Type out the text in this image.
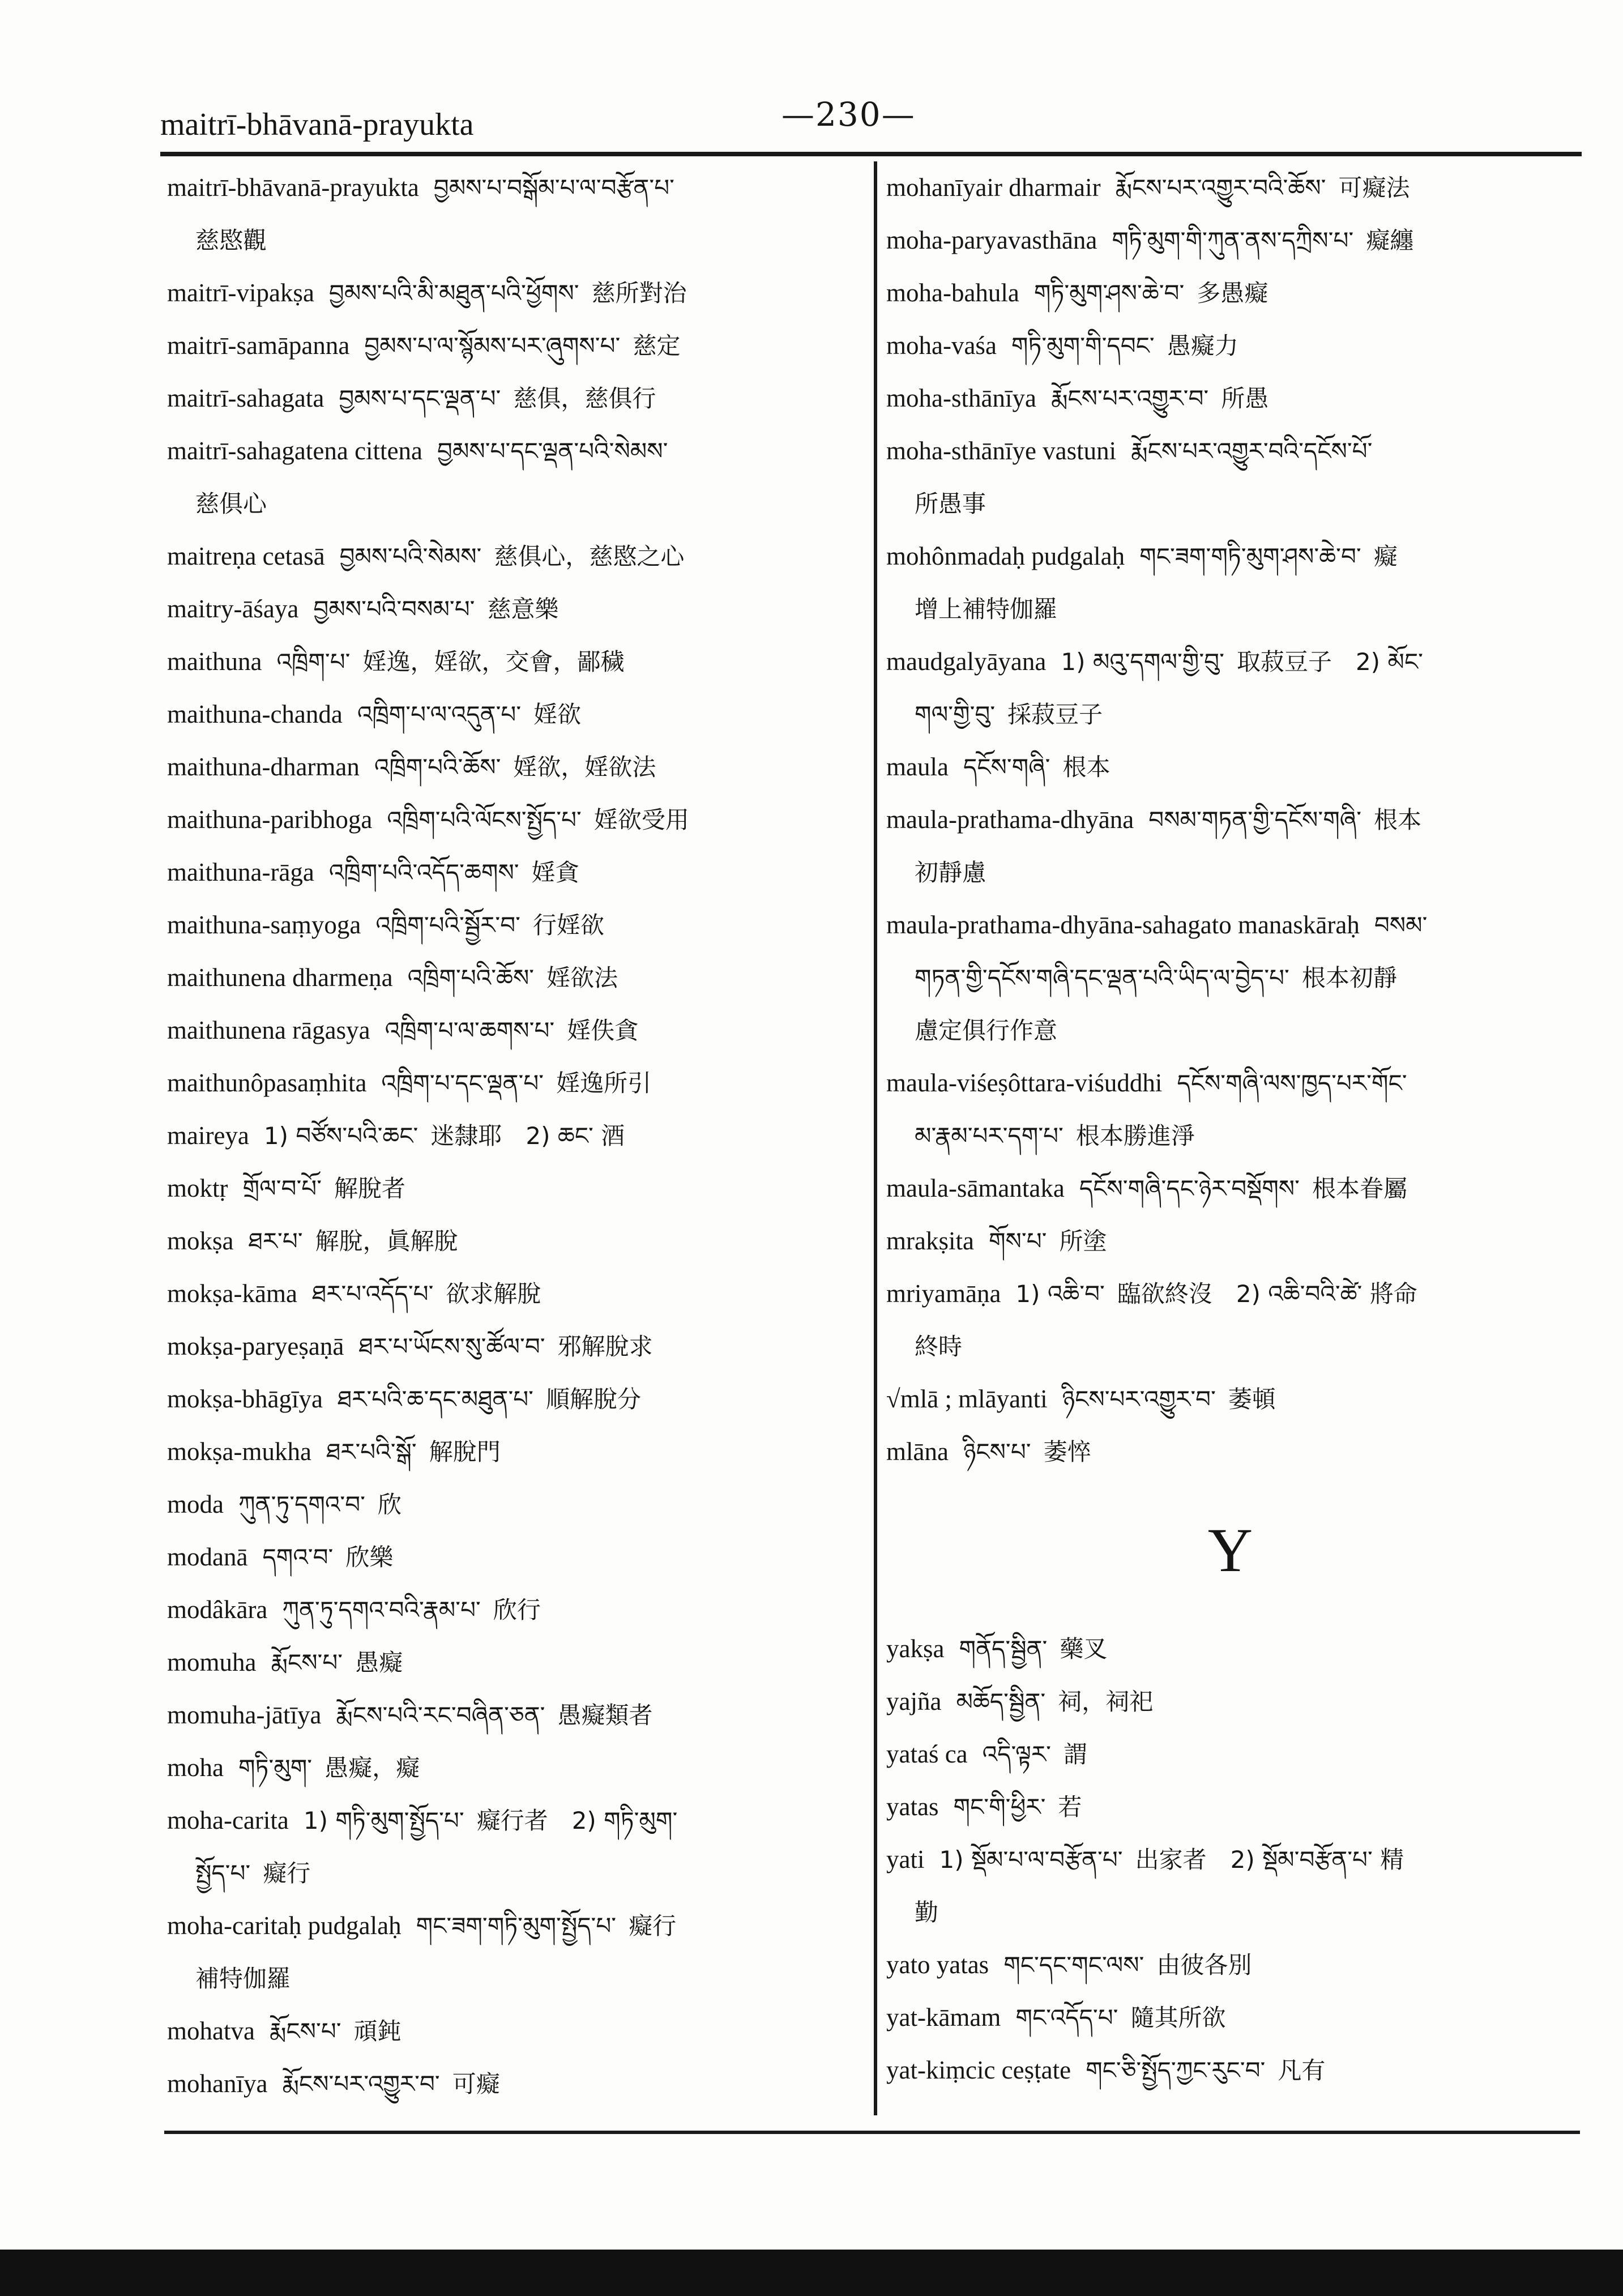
—230—
maitrī-bhāvanā-prayukta
maitrī-bhāvanā-prayukta བྱམས་པ་བསྒོམ་པ་ལ་བརྩོན་པ་
慈愍觀
maitrī-vipakṣa བྱམས་པའི་མི་མཐུན་པའི་ཕྱོགས་ 慈所對治
maitrī-samāpanna བྱམས་པ་ལ་སྙོམས་པར་ཞུགས་པ་ 慈定
maitrī-sahagata བྱམས་པ་དང་ལྡན་པ་ 慈俱，慈俱行
maitrī-sahagatena cittena བྱམས་པ་དང་ལྡན་པའི་སེམས་
慈俱心
maitreṇa cetasā བྱམས་པའི་སེམས་ 慈俱心，慈愍之心
maitry-āśaya བྱམས་པའི་བསམ་པ་ 慈意樂
maithuna འཁྲིག་པ་ 婬逸，婬欲，交會，鄙穢
maithuna-chanda འཁྲིག་པ་ལ་འདུན་པ་ 婬欲
maithuna-dharman འཁྲིག་པའི་ཆོས་ 婬欲，婬欲法
maithuna-paribhoga འཁྲིག་པའི་ལོངས་སྤྱོད་པ་ 婬欲受用
maithuna-rāga འཁྲིག་པའི་འདོད་ཆགས་ 婬貪
maithuna-saṃyoga འཁྲིག་པའི་སྦྱོར་བ་ 行婬欲
maithunena dharmeṇa འཁྲིག་པའི་ཆོས་ 婬欲法
maithunena rāgasya འཁྲིག་པ་ལ་ཆགས་པ་ 婬佚貪
maithunôpasaṃhita འཁྲིག་པ་དང་ལྡན་པ་ 婬逸所引
maireya 1) བཙོས་པའི་ཆང་ 迷隸耶　2) ཆང་ 酒
moktṛ གྲོལ་བ་པོ་ 解脫者
mokṣa ཐར་པ་ 解脫，眞解脫
mokṣa-kāma ཐར་པ་འདོད་པ་ 欲求解脫
mokṣa-paryeṣaṇā ཐར་པ་ཡོངས་སུ་ཚོལ་བ་ 邪解脫求
mokṣa-bhāgīya ཐར་པའི་ཆ་དང་མཐུན་པ་ 順解脫分
mokṣa-mukha ཐར་པའི་སྒོ་ 解脫門
moda ཀུན་ཏུ་དགའ་བ་ 欣
modanā དགའ་བ་ 欣樂
modâkāra ཀུན་ཏུ་དགའ་བའི་རྣམ་པ་ 欣行
momuha རྨོངས་པ་ 愚癡
momuha-jātīya རྨོངས་པའི་རང་བཞིན་ཅན་ 愚癡類者
moha གཏི་མུག་ 愚癡，癡
moha-carita 1) གཏི་མུག་སྤྱོད་པ་ 癡行者　2) གཏི་མུག་
སྤྱོད་པ་ 癡行
moha-caritaḥ pudgalaḥ གང་ཟག་གཏི་མུག་སྤྱོད་པ་ 癡行
補特伽羅
mohatva རྨོངས་པ་ 頑鈍
mohanīya རྨོངས་པར་འགྱུར་བ་ 可癡
mohanīyair dharmair རྨོངས་པར་འགྱུར་བའི་ཆོས་ 可癡法
moha-paryavasthāna གཏི་མུག་གི་ཀུན་ནས་དཀྲིས་པ་ 癡纏
moha-bahula གཏི་མུག་ཤས་ཆེ་བ་ 多愚癡
moha-vaśa གཏི་མུག་གི་དབང་ 愚癡力
moha-sthānīya རྨོངས་པར་འགྱུར་བ་ 所愚
moha-sthānīye vastuni རྨོངས་པར་འགྱུར་བའི་དངོས་པོ་
所愚事
mohônmadaḥ pudgalaḥ གང་ཟག་གཏི་མུག་ཤས་ཆེ་བ་ 癡
增上補特伽羅
maudgalyāyana 1) མའུ་དགལ་གྱི་བུ་ 取菽豆子　2) མོང་
གལ་གྱི་བུ་ 採菽豆子
maula དངོས་གཞི་ 根本
maula-prathama-dhyāna བསམ་གཏན་གྱི་དངོས་གཞི་ 根本
初靜慮
maula-prathama-dhyāna-sahagato manaskāraḥ བསམ་
གཏན་གྱི་དངོས་གཞི་དང་ལྡན་པའི་ཡིད་ལ་བྱེད་པ་ 根本初靜
慮定俱行作意
maula-viśeṣôttara-viśuddhi དངོས་གཞི་ལས་ཁྱད་པར་གོང་
མ་རྣམ་པར་དག་པ་ 根本勝進淨
maula-sāmantaka དངོས་གཞི་དང་ཉེར་བསྡོགས་ 根本眷屬
mrakṣita གོས་པ་ 所塗
mriyamāṇa 1) འཆི་བ་ 臨欲終沒　2) འཆི་བའི་ཚེ་ 將命
終時
√mlā ; mlāyanti ཉིངས་པར་འགྱུར་བ་ 萎頓
mlāna ཉིངས་པ་ 萎悴
Y
yakṣa གནོད་སྦྱིན་ 藥叉
yajña མཆོད་སྦྱིན་ 祠，祠祀
yataś ca འདི་ལྟར་ 謂
yatas གང་གི་ཕྱིར་ 若
yati 1) སྡོམ་པ་ལ་བརྩོན་པ་ 出家者　2) སྡོམ་བརྩོན་པ་ 精
勤
yato yatas གང་དང་གང་ལས་ 由彼各別
yat-kāmam གང་འདོད་པ་ 隨其所欲
yat-kiṃcic ceṣṭate གང་ཅི་སྤྱོད་ཀྱང་རུང་བ་ 凡有
